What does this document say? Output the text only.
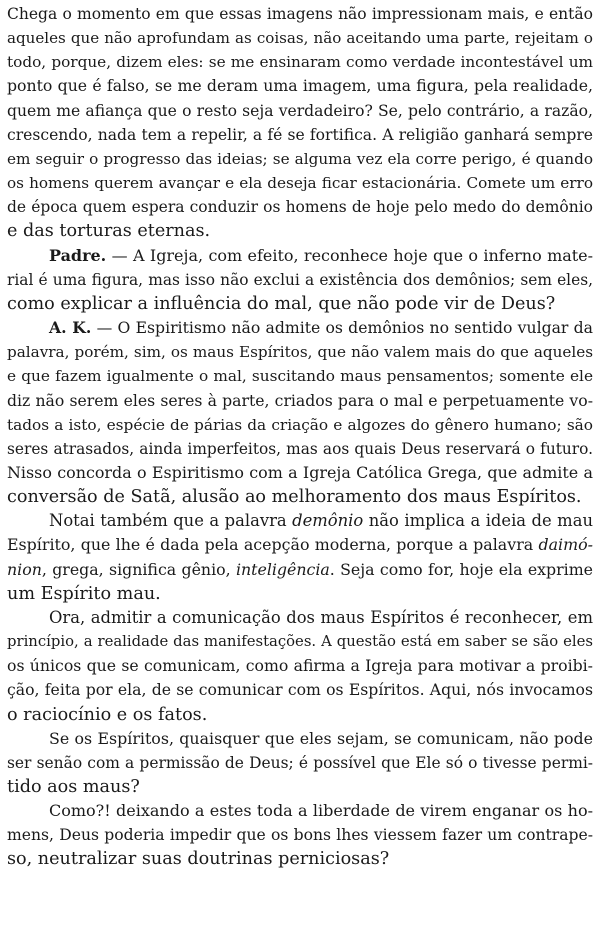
Chega o momento em que essas imagens não impressionam mais, e então
aqueles que não aprofundam as coisas, não aceitando uma parte, rejeitam o
todo, porque, dizem eles: se me ensinaram como verdade incontestável um
ponto que é falso, se me deram uma imagem, uma figura, pela realidade,
quem me afiança que o resto seja verdadeiro? Se, pelo contrário, a razão,
crescendo, nada tem a repelir, a fé se fortifica. A religião ganhará sempre
em seguir o progresso das ideias; se alguma vez ela corre perigo, é quando
os homens querem avançar e ela deseja ficar estacionária. Comete um erro
de época quem espera conduzir os homens de hoje pelo medo do demônio
e das torturas eternas.
Padre. — A Igreja, com efeito, reconhece hoje que o inferno mate-
rial é uma figura, mas isso não exclui a existência dos demônios; sem eles,
como explicar a influência do mal, que não pode vir de Deus?
A. K. — O Espiritismo não admite os demônios no sentido vulgar da
palavra, porém, sim, os maus Espíritos, que não valem mais do que aqueles
e que fazem igualmente o mal, suscitando maus pensamentos; somente ele
diz não serem eles seres à parte, criados para o mal e perpetuamente vo-
tados a isto, espécie de párias da criação e algozes do gênero humano; são
seres atrasados, ainda imperfeitos, mas aos quais Deus reservará o futuro.
Nisso concorda o Espiritismo com a Igreja Católica Grega, que admite a
conversão de Satã, alusão ao melhoramento dos maus Espíritos.
Notai também que a palavra demônio não implica a ideia de mau
Espírito, que lhe é dada pela acepção moderna, porque a palavra daimó-
nion, grega, significa gênio, inteligência. Seja como for, hoje ela exprime
um Espírito mau.
Ora, admitir a comunicação dos maus Espíritos é reconhecer, em
princípio, a realidade das manifestações. A questão está em saber se são eles
os únicos que se comunicam, como afirma a Igreja para motivar a proibi-
ção, feita por ela, de se comunicar com os Espíritos. Aqui, nós invocamos
o raciocínio e os fatos.
Se os Espíritos, quaisquer que eles sejam, se comunicam, não pode
ser senão com a permissão de Deus; é possível que Ele só o tivesse permi-
tido aos maus?
Como?! deixando a estes toda a liberdade de virem enganar os ho-
mens, Deus poderia impedir que os bons lhes viessem fazer um contrape-
so, neutralizar suas doutrinas perniciosas?
